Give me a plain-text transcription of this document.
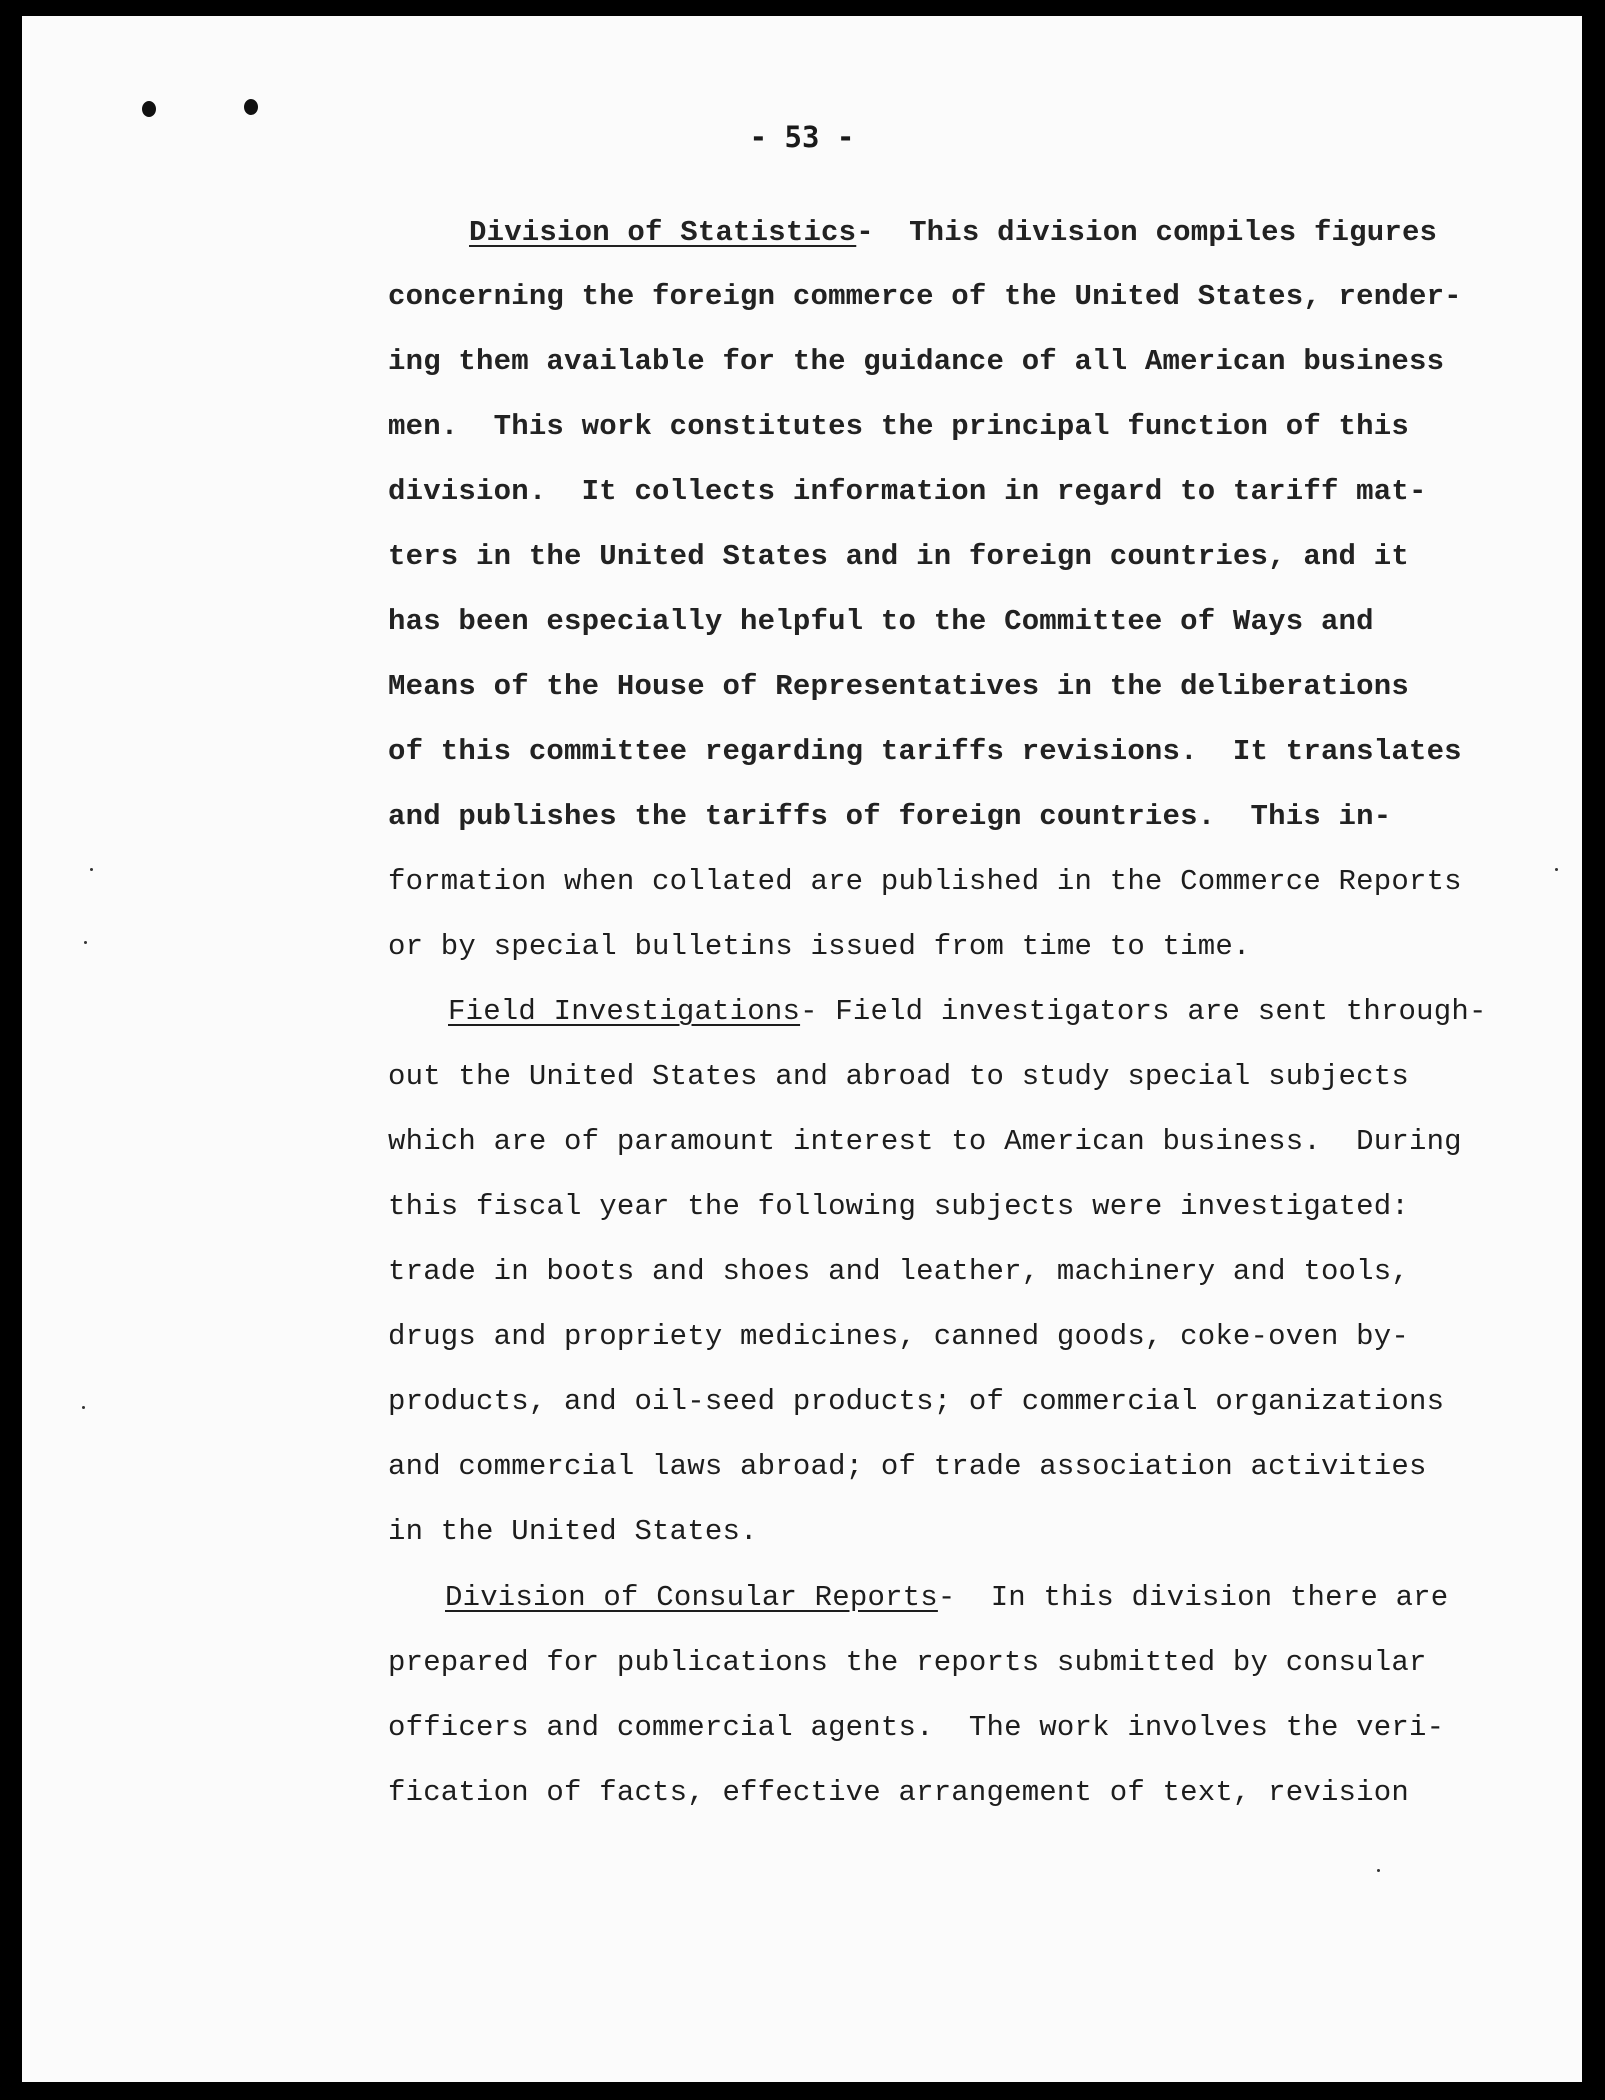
- 53 -
Division of Statistics-  This division compiles figures
concerning the foreign commerce of the United States, render-
ing them available for the guidance of all American business
men.  This work constitutes the principal function of this
division.  It collects information in regard to tariff mat-
ters in the United States and in foreign countries, and it
has been especially helpful to the Committee of Ways and
Means of the House of Representatives in the deliberations
of this committee regarding tariffs revisions.  It translates
and publishes the tariffs of foreign countries.  This in-
formation when collated are published in the Commerce Reports
or by special bulletins issued from time to time.
Field Investigations- Field investigators are sent through-
out the United States and abroad to study special subjects
which are of paramount interest to American business.  During
this fiscal year the following subjects were investigated:
trade in boots and shoes and leather, machinery and tools,
drugs and propriety medicines, canned goods, coke-oven by-
products, and oil-seed products; of commercial organizations
and commercial laws abroad; of trade association activities
in the United States.
Division of Consular Reports-  In this division there are
prepared for publications the reports submitted by consular
officers and commercial agents.  The work involves the veri-
fication of facts, effective arrangement of text, revision
